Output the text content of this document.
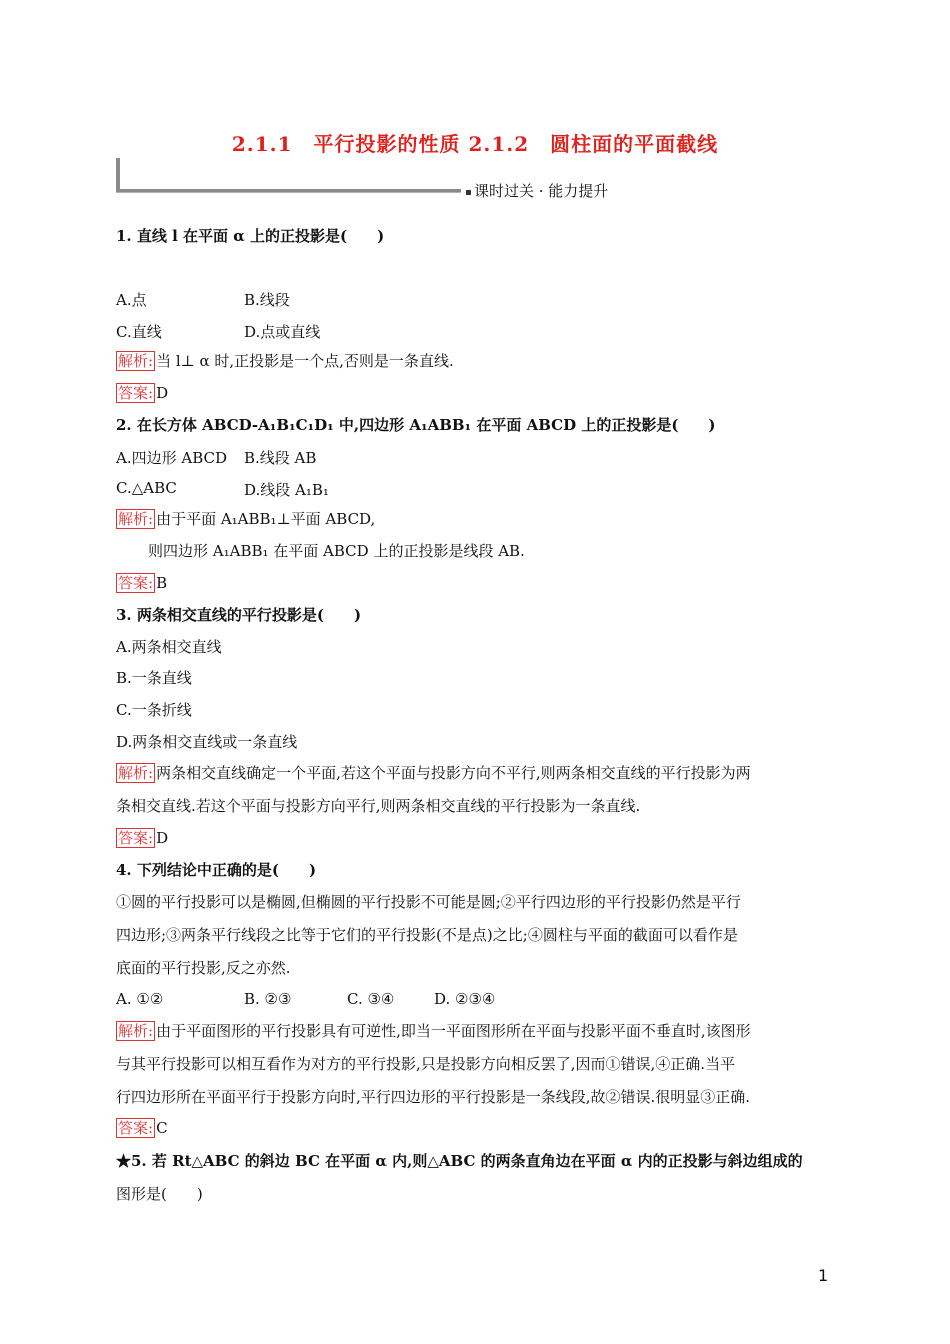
2.1.1　平行投影的性质 2.1.2　圆柱面的平面截线
课时过关 · 能力提升
1. 直线 l 在平面 α 上的正投影是(　　)
A.点	B.线段
C.直线	D.点或直线
解析: 当 l⊥ α 时,正投影是一个点,否则是一条直线.
答案: D
2. 在长方体 ABCD-A₁B₁C₁D₁ 中,四边形 A₁ABB₁ 在平面 ABCD 上的正投影是(　　)
A.四边形 ABCD B.线段 AB
C.△ABC	D.线段 A₁B₁
解析: 由于平面 A₁ABB₁⊥平面 ABCD,
则四边形 A₁ABB₁ 在平面 ABCD 上的正投影是线段 AB.
答案: B
3. 两条相交直线的平行投影是(　　)
A.两条相交直线
B.一条直线
C.一条折线
D.两条相交直线或一条直线
解析: 两条相交直线确定一个平面,若这个平面与投影方向不平行,则两条相交直线的平行投影为两
条相交直线.若这个平面与投影方向平行,则两条相交直线的平行投影为一条直线.
答案: D
4. 下列结论中正确的是(　　)
①圆的平行投影可以是椭圆,但椭圆的平行投影不可能是圆;②平行四边形的平行投影仍然是平行
四边形;③两条平行线段之比等于它们的平行投影(不是点)之比;④圆柱与平面的截面可以看作是
底面的平行投影,反之亦然.
A. ①②	B. ②③	C. ③④	D. ②③④
解析: 由于平面图形的平行投影具有可逆性,即当一平面图形所在平面与投影平面不垂直时,该图形
与其平行投影可以相互看作为对方的平行投影,只是投影方向相反罢了,因而①错误,④正确.当平
行四边形所在平面平行于投影方向时,平行四边形的平行投影是一条线段,故②错误.很明显③正确.
答案: C
★5. 若 Rt△ABC 的斜边 BC 在平面 α 内,则△ABC 的两条直角边在平面 α 内的正投影与斜边组成的
图形是(　　)
1
